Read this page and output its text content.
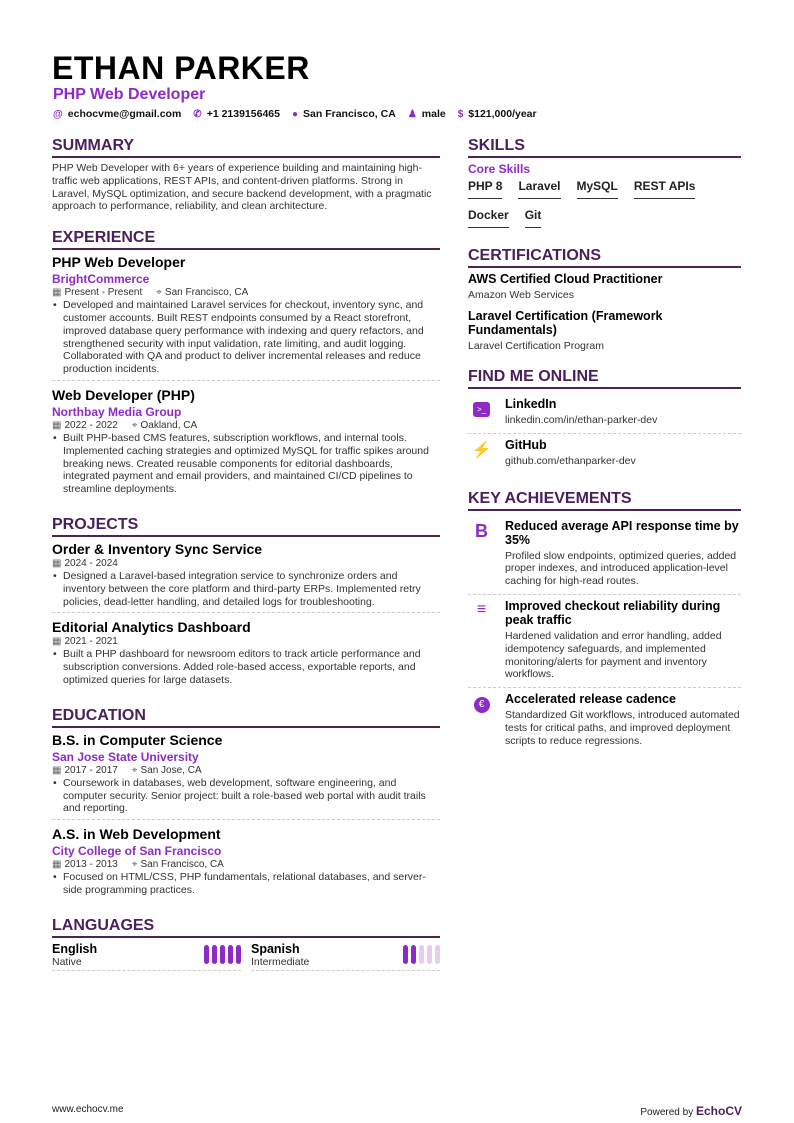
ETHAN PARKER
PHP Web Developer
@ echocvme@gmail.com ✆ +1 2139156465 ● San Francisco, CA ♟ male $ $121,000/year
SUMMARY

PHP Web Developer with 6+ years of experience building and maintaining high-traffic web applications, REST APIs, and content-driven platforms. Strong in Laravel, MySQL optimization, and secure backend development, with a pragmatic approach to performance, reliability, and clean architecture.

EXPERIENCE
PHP Web Developer
BrightCommerce
▦ Present - Present ⌖ San Francisco, CA
• Developed and maintained Laravel services for checkout, inventory sync, and customer accounts. Built REST endpoints consumed by a React storefront, improved database query performance with indexing and query refactors, and strengthened security with input validation, rate limiting, and audit logging. Collaborated with QA and product to deliver incremental releases and reduce production incidents.
Web Developer (PHP)
Northbay Media Group
▦ 2022 - 2022 ⌖ Oakland, CA
• Built PHP-based CMS features, subscription workflows, and internal tools. Implemented caching strategies and optimized MySQL for traffic spikes around breaking news. Created reusable components for editorial dashboards, integrated payment and email providers, and maintained CI/CD pipelines to streamline deployments.
PROJECTS
Order & Inventory Sync Service
▦ 2024 - 2024
• Designed a Laravel-based integration service to synchronize orders and inventory between the core platform and third-party ERPs. Implemented retry policies, dead-letter handling, and detailed logs for troubleshooting.
Editorial Analytics Dashboard
▦ 2021 - 2021
• Built a PHP dashboard for newsroom editors to track article performance and subscription conversions. Added role-based access, exportable reports, and optimized queries for large datasets.
EDUCATION
B.S. in Computer Science
San Jose State University
▦ 2017 - 2017 ⌖ San Jose, CA
• Coursework in databases, web development, software engineering, and computer security. Senior project: built a role-based web portal with audit trails and reporting.
A.S. in Web Development
City College of San Francisco
▦ 2013 - 2013 ⌖ San Francisco, CA
• Focused on HTML/CSS, PHP fundamentals, relational databases, and server-side programming practices.
LANGUAGES
English
Native
Spanish
Intermediate
SKILLS
Core Skills
PHP 8 Laravel MySQL REST APIs
Docker Git
CERTIFICATIONS
AWS Certified Cloud Practitioner
Amazon Web Services
Laravel Certification (Framework Fundamentals)
Laravel Certification Program
FIND ME ONLINE
>_	LinkedIn
linkedin.com/in/ethan-parker-dev
⚡ GitHub
github.com/ethanparker-dev
KEY ACHIEVEMENTS
B	Reduced average API response time by 35%
Profiled slow endpoints, optimized queries, added proper indexes, and introduced application-level caching for high-read routes.
≡	Improved checkout reliability during peak traffic
Hardened validation and error handling, added idempotency safeguards, and implemented monitoring/alerts for payment and inventory workflows.
€	Accelerated release cadence
Standardized Git workflows, introduced automated tests for critical paths, and improved deployment scripts to reduce regressions.
www.echocv.me	Powered by EchoCV
